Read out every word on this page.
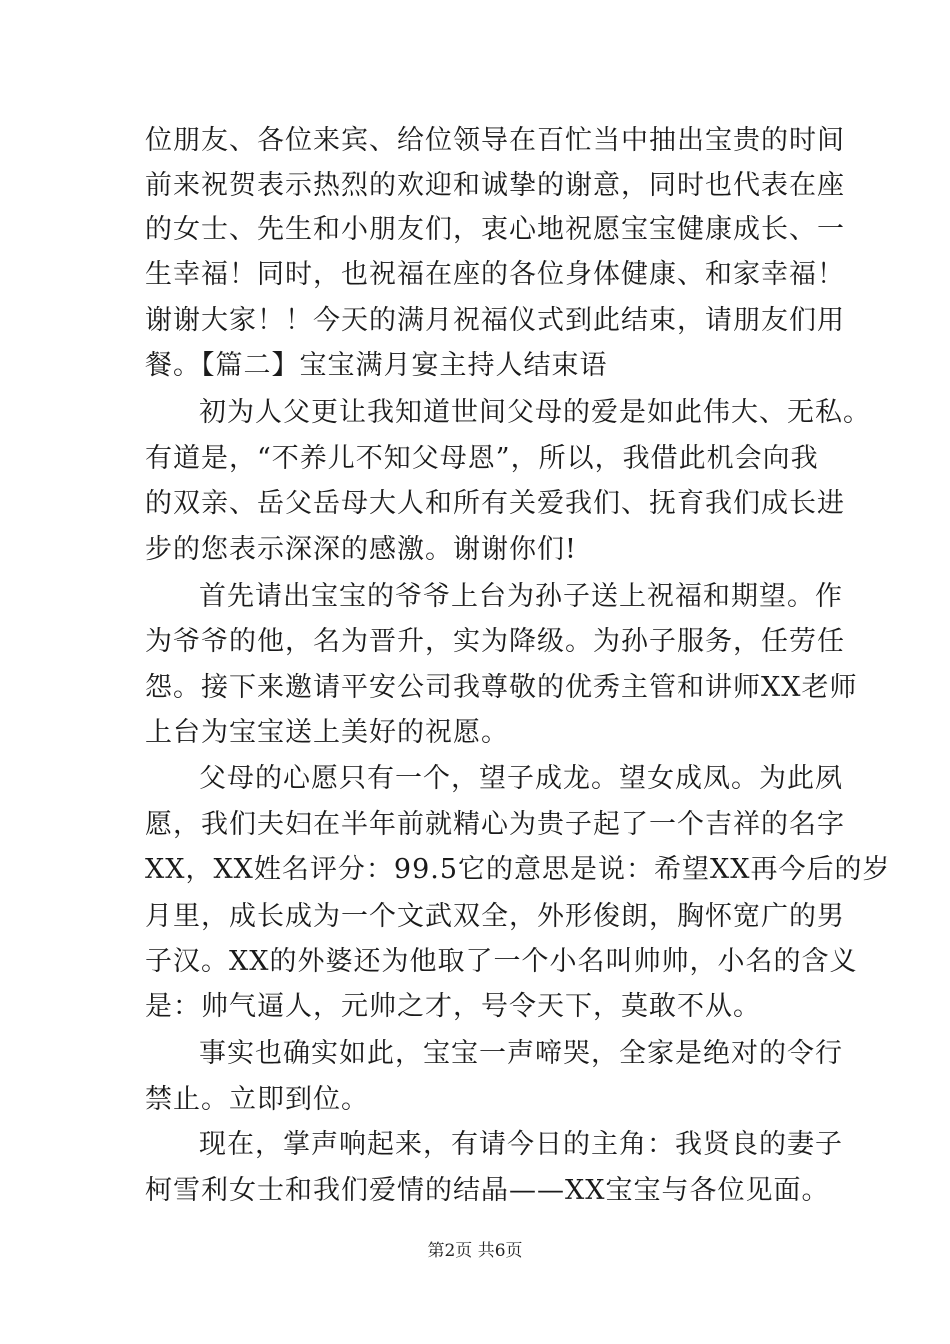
位朋友、各位来宾、给位领导在百忙当中抽出宝贵的时间
前来祝贺表示热烈的欢迎和诚挚的谢意，同时也代表在座
的女士、先生和小朋友们，衷心地祝愿宝宝健康成长、一
生幸福！同时，也祝福在座的各位身体健康、和家幸福！
谢谢大家！！今天的满月祝福仪式到此结束，请朋友们用
餐。【篇二】宝宝满月宴主持人结束语
初为人父更让我知道世间父母的爱是如此伟大、无私。
有道是，“不养儿不知父母恩”，所以，我借此机会向我
的双亲、岳父岳母大人和所有关爱我们、抚育我们成长进
步的您表示深深的感激。谢谢你们!
首先请出宝宝的爷爷上台为孙子送上祝福和期望。作
为爷爷的他，名为晋升，实为降级。为孙子服务，任劳任
怨。接下来邀请平安公司我尊敬的优秀主管和讲师XX老师
上台为宝宝送上美好的祝愿。
父母的心愿只有一个，望子成龙。望女成凤。为此夙
愿，我们夫妇在半年前就精心为贵子起了一个吉祥的名字
XX，XX姓名评分：99.5它的意思是说：希望XX再今后的岁
月里，成长成为一个文武双全，外形俊朗，胸怀宽广的男
子汉。XX的外婆还为他取了一个小名叫帅帅，小名的含义
是：帅气逼人，元帅之才，号令天下，莫敢不从。
事实也确实如此，宝宝一声啼哭，全家是绝对的令行
禁止。立即到位。
现在，掌声响起来，有请今日的主角：我贤良的妻子
柯雪利女士和我们爱情的结晶——XX宝宝与各位见面。
第2页 共6页
